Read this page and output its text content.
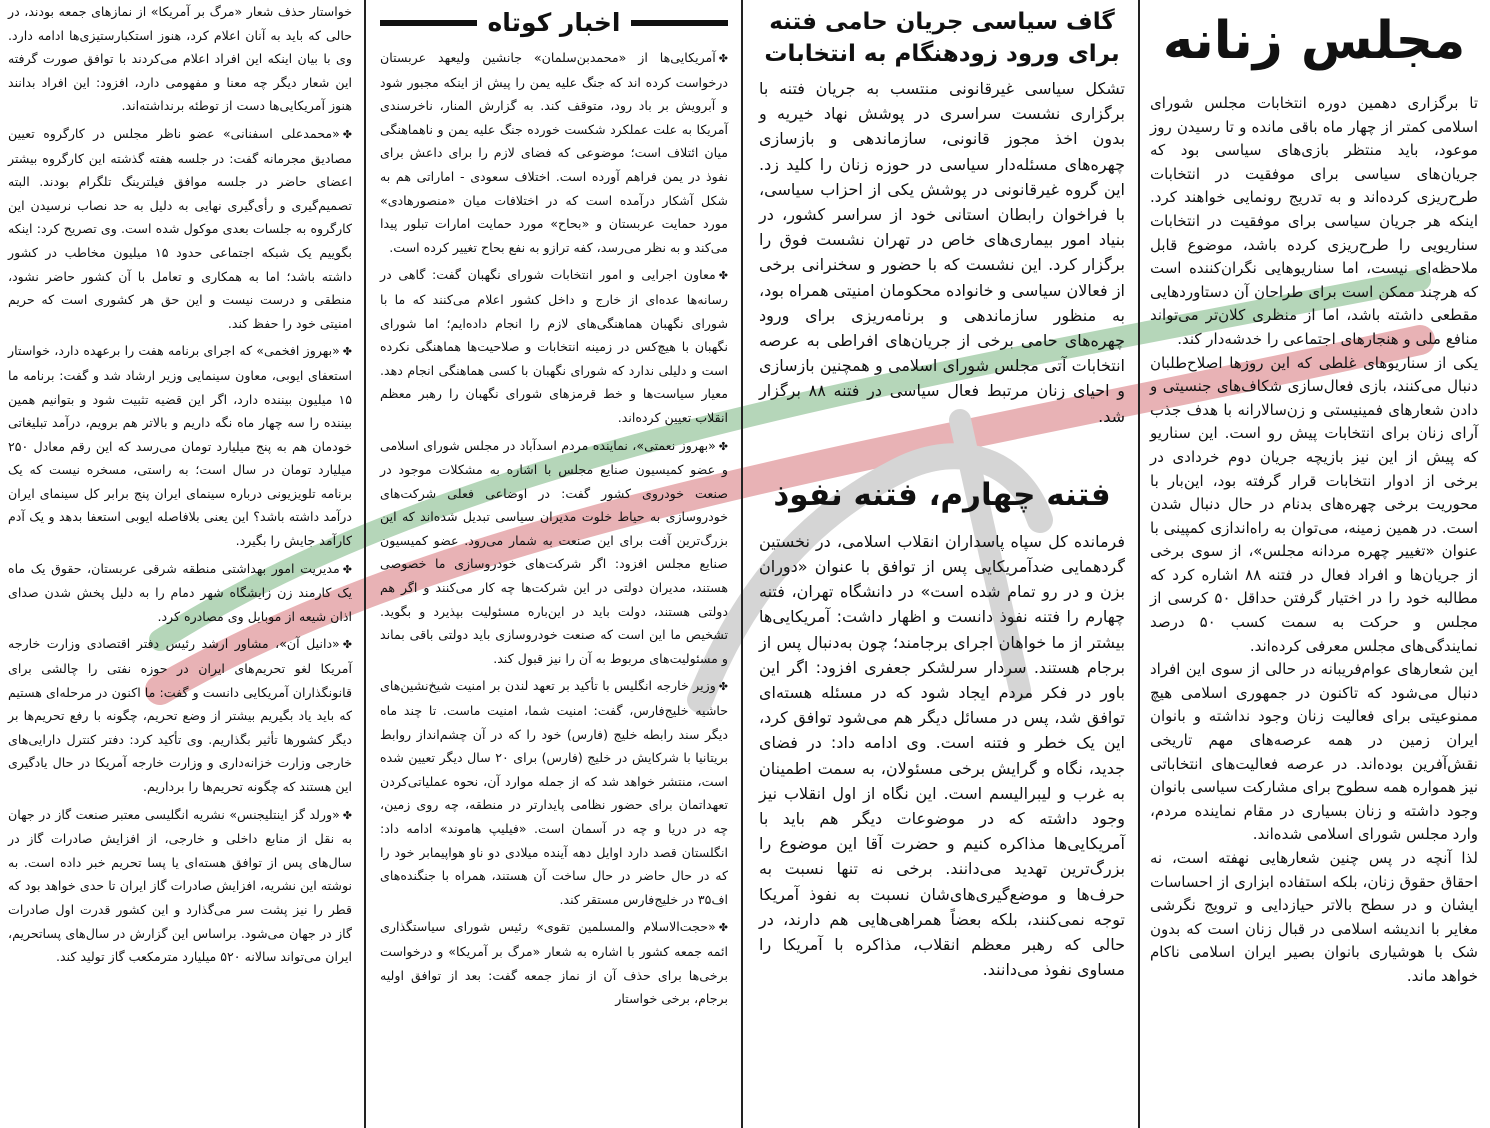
مجلس زنانه

تا برگزاری دهمین دوره انتخابات مجلس شورای اسلامی کمتر از چهار ماه باقی مانده و تا رسیدن روز موعود، باید منتظر بازی‌های سیاسی بود که جریان‌های سیاسی برای موفقیت در انتخابات طرح‌ریزی کرده‌اند و به تدریج رونمایی خواهند کرد. اینکه هر جریان سیاسی برای موفقیت در انتخابات سناریویی را طرح‌ریزی کرده باشد، موضوع قابل ملاحظه‌ای نیست، اما سناریوهایی نگران‌کننده است که هرچند ممکن است برای طراحان آن دستاوردهایی مقطعی داشته باشد، اما از منظری کلان‌تر می‌تواند منافع ملی و هنجارهای اجتماعی را خدشه‌دار کند.

یکی از سناریوهای غلطی که این روزها اصلاح‌طلبان دنبال می‌کنند، بازی فعال‌سازی شکاف‌های جنسیتی و دادن شعارهای فمینیستی و زن‌سالارانه با هدف جذب آرای زنان برای انتخابات پیش رو است. این سناریو که پیش از این نیز بازیچه جریان دوم خردادی در برخی از ادوار انتخابات قرار گرفته بود، این‌بار با محوریت برخی چهره‌های بدنام در حال دنبال شدن است. در همین زمینه، می‌توان به راه‌اندازی کمپینی با عنوان «تغییر چهره مردانه مجلس»، از سوی برخی از جریان‌ها و افراد فعال در فتنه ۸۸ اشاره کرد که مطالبه خود را در اختیار گرفتن حداقل ۵۰ کرسی از مجلس و حرکت به سمت کسب ۵۰ درصد نمایندگی‌های مجلس معرفی کرده‌اند.

این شعارهای عوام‌فریبانه در حالی از سوی این افراد دنبال می‌شود که تاکنون در جمهوری اسلامی هیچ ممنوعیتی برای فعالیت زنان وجود نداشته و بانوان ایران زمین در همه عرصه‌های مهم تاریخی نقش‌آفرین بوده‌اند. در عرصه فعالیت‌های انتخاباتی نیز همواره همه سطوح برای مشارکت سیاسی بانوان وجود داشته و زنان بسیاری در مقام نماینده مردم، وارد مجلس شورای اسلامی شده‌اند.

لذا آنچه در پس چنین شعارهایی نهفته است، نه احقاق حقوق زنان، بلکه استفاده ابزاری از احساسات ایشان و در سطح بالاتر حیازدایی و ترویج نگرشی مغایر با اندیشه اسلامی در قبال زنان است که بدون شک با هوشیاری بانوان بصیر ایران اسلامی ناکام خواهد ماند.

گاف سیاسی جریان حامی فتنه برای ورود زودهنگام به انتخابات

تشکل سیاسی غیرقانونی منتسب به جریان فتنه با برگزاری نشست سراسری در پوشش نهاد خیریه و بدون اخذ مجوز قانونی، سازماندهی و بازسازی چهره‌های مسئله‌دار سیاسی در حوزه زنان را کلید زد. این گروه غیرقانونی در پوشش یکی از احزاب سیاسی، با فراخوان رابطان استانی خود از سراسر کشور، در بنیاد امور بیماری‌های خاص در تهران نشست فوق را برگزار کرد. این نشست که با حضور و سخنرانی برخی از فعالان سیاسی و خانواده محکومان امنیتی همراه بود، به منظور سازماندهی و برنامه‌ریزی برای ورود چهره‌های حامی برخی از جریان‌های افراطی به عرصه انتخابات آتی مجلس شورای اسلامی و همچنین بازسازی و احیای زنان مرتبط فعال سیاسی در فتنه ۸۸ برگزار شد.

فتنه چهارم، فتنه نفوذ

فرمانده کل سپاه پاسداران انقلاب اسلامی، در نخستین گردهمایی ضدآمریکایی پس از توافق با عنوان «دوران بزن و در رو تمام شده است» در دانشگاه تهران، فتنه چهارم را فتنه نفوذ دانست و اظهار داشت: آمریکایی‌ها بیشتر از ما خواهان اجرای برجامند؛ چون به‌دنبال پس از برجام هستند. سردار سرلشکر جعفری افزود: اگر این باور در فکر مردم ایجاد شود که در مسئله هسته‌ای توافق شد، پس در مسائل دیگر هم می‌شود توافق کرد، این یک خطر و فتنه است. وی ادامه داد: در فضای جدید، نگاه و گرایش برخی مسئولان، به سمت اطمینان به غرب و لیبرالیسم است. این نگاه از اول انقلاب نیز وجود داشته که در موضوعات دیگر هم باید با آمریکایی‌ها مذاکره کنیم و حضرت آقا این موضوع را بزرگ‌ترین تهدید می‌دانند. برخی نه تنها نسبت به حرف‌ها و موضع‌گیری‌های‌شان نسبت به نفوذ آمریکا توجه نمی‌کنند، بلکه بعضاً همراهی‌هایی هم دارند، در حالی که رهبر معظم انقلاب، مذاکره با آمریکا را مساوی نفوذ می‌دانند.

اخبار کوتاه

✤آمریکایی‌ها از «محمدبن‌سلمان» جانشین ولیعهد عربستان درخواست کرده اند که جنگ علیه یمن را پیش از اینکه مجبور شود و آبرویش بر باد رود، متوقف کند. به گزارش المنار، ناخرسندی آمریکا به علت عملکرد شکست خورده جنگ علیه یمن و ناهماهنگی میان ائتلاف است؛ موضوعی که فضای لازم را برای داعش برای نفوذ در یمن فراهم آورده است. اختلاف سعودی - اماراتی هم به شکل آشکار درآمده است که در اختلافات میان «منصورهادی» مورد حمایت عربستان و «بحاح» مورد حمایت امارات تبلور پیدا می‌کند و به نظر می‌رسد، کفه ترازو به نفع بحاح تغییر کرده است.

✤معاون اجرایی و امور انتخابات شورای نگهبان گفت: گاهی در رسانه‌ها عده‌ای از خارج و داخل کشور اعلام می‌کنند که ما با شورای نگهبان هماهنگی‌های لازم را انجام داده‌ایم؛ اما شورای نگهبان با هیچ‌کس در زمینه انتخابات و صلاحیت‌ها هماهنگی نکرده است و دلیلی ندارد که شورای نگهبان با کسی هماهنگی انجام دهد. معیار سیاست‌ها و خط قرمزهای شورای نگهبان را رهبر معظم انقلاب تعیین کرده‌اند.

✤«بهروز نعمتی»، نماینده مردم اسدآباد در مجلس شورای اسلامی و عضو کمیسیون صنایع مجلس با اشاره به مشکلات موجود در صنعت خودروی کشور گفت: در اوضاعی فعلی شرکت‌های خودروسازی به حیاط خلوت مدیران سیاسی تبدیل شده‌اند که این بزرگ‌ترین آفت برای این صنعت به شمار می‌رود. عضو کمیسیون صنایع مجلس افزود: اگر شرکت‌های خودروسازی ما خصوصی هستند، مدیران دولتی در این شرکت‌ها چه کار می‌کنند و اگر هم دولتی هستند، دولت باید در این‌باره مسئولیت بپذیرد و بگوید. تشخیص ما این است که صنعت خودروسازی باید دولتی باقی بماند و مسئولیت‌های مربوط به آن را نیز قبول کند.

✤وزیر خارجه انگلیس با تأکید بر تعهد لندن بر امنیت شیخ‌نشین‌های حاشیه خلیج‌فارس، گفت: امنیت شما، امنیت ماست. تا چند ماه دیگر سند رابطه خلیج (فارس) خود را که در آن چشم‌انداز روابط بریتانیا با شرکایش در خلیج (فارس) برای ۲۰ سال دیگر تعیین شده است، منتشر خواهد شد که از جمله موارد آن، نحوه عملیاتی‌کردن تعهداتمان برای حضور نظامی پایدارتر در منطقه، چه روی زمین، چه در دریا و چه در آسمان است. «فیلیپ هاموند» ادامه داد: انگلستان قصد دارد اوایل دهه آینده میلادی دو ناو هواپیمابر خود را که در حال حاضر در حال ساخت آن هستند، همراه با جنگنده‌های اف‌۳۵ در خلیج‌فارس مستقر کند.

✤«حجت‌الاسلام والمسلمین تقوی» رئیس شورای سیاستگذاری ائمه جمعه کشور با اشاره به شعار «مرگ بر آمریکا» و درخواست برخی‌ها برای حذف آن از نماز جمعه گفت: بعد از توافق اولیه برجام، برخی خواستار

خواستار حذف شعار «مرگ بر آمریکا» از نمازهای جمعه بودند، در حالی که باید به آنان اعلام کرد، هنوز استکبارستیزی‌ها ادامه دارد. وی با بیان اینکه این افراد اعلام می‌کردند با توافق صورت گرفته این شعار دیگر چه معنا و مفهومی دارد، افزود: این افراد بدانند هنوز آمریکایی‌ها دست از توطئه برنداشته‌اند.

✤«محمدعلی اسفنانی» عضو ناظر مجلس در کارگروه تعیین مصادیق مجرمانه گفت: در جلسه هفته گذشته این کارگروه بیشتر اعضای حاضر در جلسه موافق فیلترینگ تلگرام بودند. البته تصمیم‌گیری و رأی‌گیری نهایی به دلیل به حد نصاب نرسیدن این کارگروه به جلسات بعدی موکول شده است. وی تصریح کرد: اینکه بگوییم یک شبکه اجتماعی حدود ۱۵ میلیون مخاطب در کشور داشته باشد؛ اما به همکاری و تعامل با آن کشور حاضر نشود، منطقی و درست نیست و این حق هر کشوری است که حریم امنیتی خود را حفظ کند.

✤«بهروز افخمی» که اجرای برنامه هفت را برعهده دارد، خواستار استعفای ایوبی، معاون سینمایی وزیر ارشاد شد و گفت: برنامه ما ۱۵ میلیون بیننده دارد، اگر این قضیه تثبیت شود و بتوانیم همین بیننده را سه چهار ماه نگه داریم و بالاتر هم برویم، درآمد تبلیغاتی خودمان هم به پنج میلیارد تومان می‌رسد که این رقم معادل ۲۵۰ میلیارد تومان در سال است؛ به راستی، مسخره نیست که یک برنامه تلویزیونی درباره سینمای ایران پنج برابر کل سینمای ایران درآمد داشته باشد؟ این یعنی بلافاصله ایوبی استعفا بدهد و یک آدم کارآمد جایش را بگیرد.

✤مدیریت امور بهداشتی منطقه شرقی عربستان، حقوق یک ماه یک کارمند زن زایشگاه شهر دمام را به دلیل پخش شدن صدای اذان شیعه از موبایل وی مصادره کرد.

✤«دانیل آن»، مشاور ارشد رئیس دفتر اقتصادی وزارت خارجه آمریکا لغو تحریم‌های ایران در حوزه نفتی را چالشی برای قانونگذاران آمریکایی دانست و گفت: ما اکنون در مرحله‌ای هستیم که باید یاد بگیریم بیشتر از وضع تحریم، چگونه با رفع تحریم‌ها بر دیگر کشورها تأثیر بگذاریم. وی تأکید کرد: دفتر کنترل دارایی‌های خارجی وزارت خزانه‌داری و وزارت خارجه آمریکا در حال یادگیری این هستند که چگونه تحریم‌ها را برداریم.

✤«ورلد گز اینتلیجنس» نشریه انگلیسی معتبر صنعت گاز در جهان به نقل از منابع داخلی و خارجی، از افزایش صادرات گاز در سال‌های پس از توافق هسته‌ای یا پسا تحریم خبر داده است. به نوشته این نشریه، افزایش صادرات گاز ایران تا حدی خواهد بود که قطر را نیز پشت سر می‌گذارد و این کشور قدرت اول صادرات گاز در جهان می‌شود. براساس این گزارش در سال‌های پساتحریم، ایران می‌تواند سالانه ۵۲۰ میلیارد مترمکعب گاز تولید کند.
